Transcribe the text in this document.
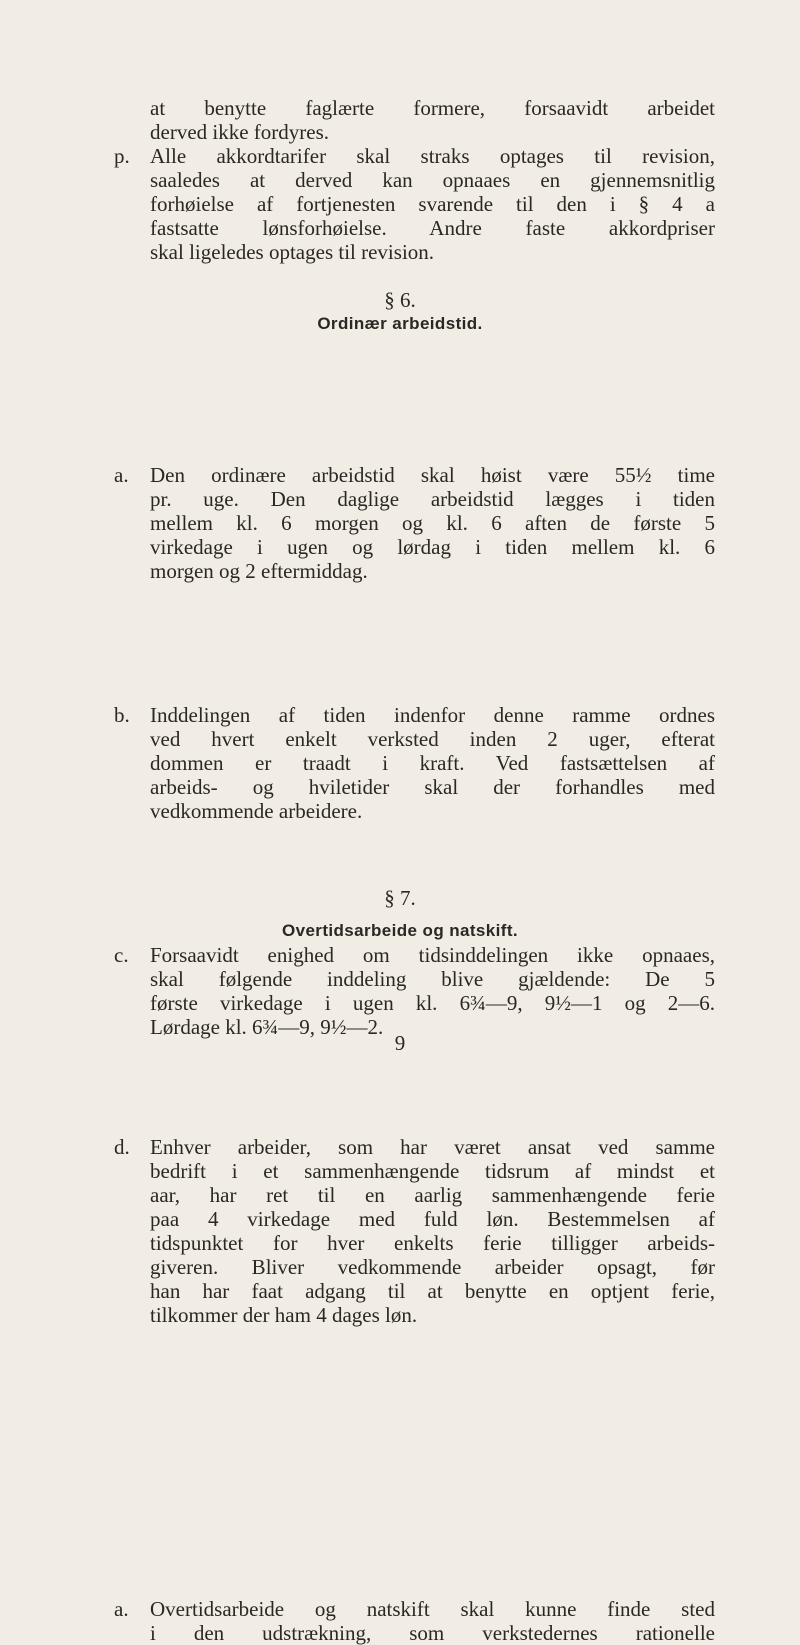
at benytte faglærte formere, forsaavidt arbeidet
derved ikke fordyres.
p. Alle akkordtarifer skal straks optages til revision,
saaledes at derved kan opnaaes en gjennemsnitlig
forhøielse af fortjenesten svarende til den i § 4 a
fastsatte lønsforhøielse. Andre faste akkordpriser
skal ligeledes optages til revision.
§ 6.
Ordinær arbeidstid.
a.	Den ordinære arbeidstid skal høist være 55½ time
pr. uge. Den daglige arbeidstid lægges i tiden
mellem kl. 6 morgen og kl. 6 aften de første 5
virkedage i ugen og lørdag i tiden mellem kl. 6
morgen og 2 eftermiddag.
b. Inddelingen af tiden indenfor denne ramme ordnes
ved hvert enkelt verksted inden 2 uger, efterat
dommen er traadt i kraft. Ved fastsættelsen af
arbeids- og hviletider skal der forhandles med
vedkommende arbeidere.
c.	Forsaavidt enighed om tidsinddelingen ikke opnaaes,
skal følgende inddeling blive gjældende: De 5
første virkedage i ugen kl. 6¾—9, 9½—1 og 2—6.
Lørdage kl. 6¾—9, 9½—2.
d. Enhver arbeider, som har været ansat ved samme
bedrift i et sammenhængende tidsrum af mindst et
aar, har ret til en aarlig sammenhængende ferie
paa 4 virkedage med fuld løn. Bestemmelsen af
tidspunktet for hver enkelts ferie tilligger arbeids-
giveren. Bliver vedkommende arbeider opsagt, før
han har faat adgang til at benytte en optjent ferie,
tilkommer der ham 4 dages løn.
§ 7.
Overtidsarbeide og natskift.
a.	Overtidsarbeide og natskift skal kunne finde sted
i den udstrækning, som verkstedernes rationelle
9
